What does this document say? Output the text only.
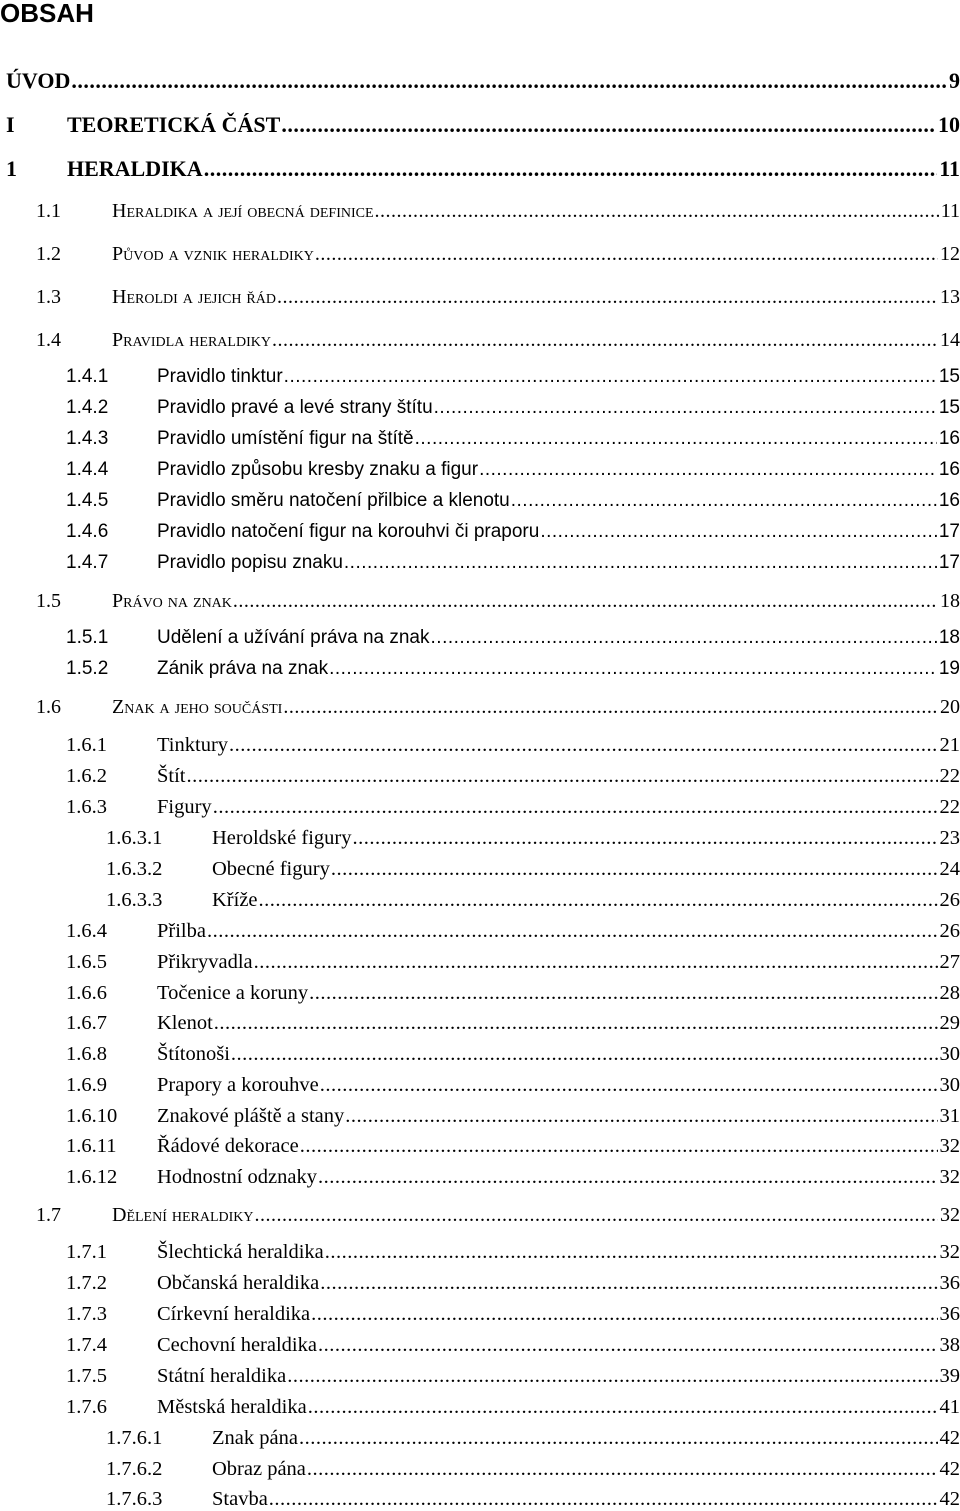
OBSAH
ÚVOD .....	9
I	TEORETICKÁ ČÁST .....	10
1	HERALDIKA .....	11
1.1	Heraldika a její obecná definice .....	11
1.2	Původ a vznik heraldiky .....	12
1.3	Heroldi a jejich řád .....	13
1.4	Pravidla heraldiky .....	14
1.4.1	Pravidlo tinktur .....	15
1.4.2	Pravidlo pravé a levé strany štítu .....	15
1.4.3	Pravidlo umístění figur na štítě .....	16
1.4.4	Pravidlo způsobu kresby znaku a figur .....	16
1.4.5	Pravidlo směru natočení přilbice a klenotu .....	16
1.4.6	Pravidlo natočení figur na korouhvi či praporu .....	17
1.4.7	Pravidlo popisu znaku .....	17
1.5	Právo na znak .....	18
1.5.1	Udělení a užívání práva na znak .....	18
1.5.2	Zánik práva na znak .....	19
1.6	Znak a jeho součásti .....	20
1.6.1	Tinktury .....	21
1.6.2	Štít .....	22
1.6.3	Figury .....	22
1.6.3.1	Heroldské figury .....	23
1.6.3.2	Obecné figury .....	24
1.6.3.3	Kříže .....	26
1.6.4	Přilba .....	26
1.6.5	Přikryvadla .....	27
1.6.6	Točenice a koruny .....	28
1.6.7	Klenot .....	29
1.6.8	Štítonoši .....	30
1.6.9	Prapory a korouhve .....	30
1.6.10	Znakové pláště a stany .....	31
1.6.11	Řádové dekorace .....	32
1.6.12	Hodnostní odznaky .....	32
1.7	Dělení heraldiky .....	32
1.7.1	Šlechtická heraldika .....	32
1.7.2	Občanská heraldika .....	36
1.7.3	Církevní heraldika .....	36
1.7.4	Cechovní heraldika .....	38
1.7.5	Státní heraldika .....	39
1.7.6	Městská heraldika .....	41
1.7.6.1	Znak pána .....	42
1.7.6.2	Obraz pána .....	42
1.7.6.3	Stavba .....	42
